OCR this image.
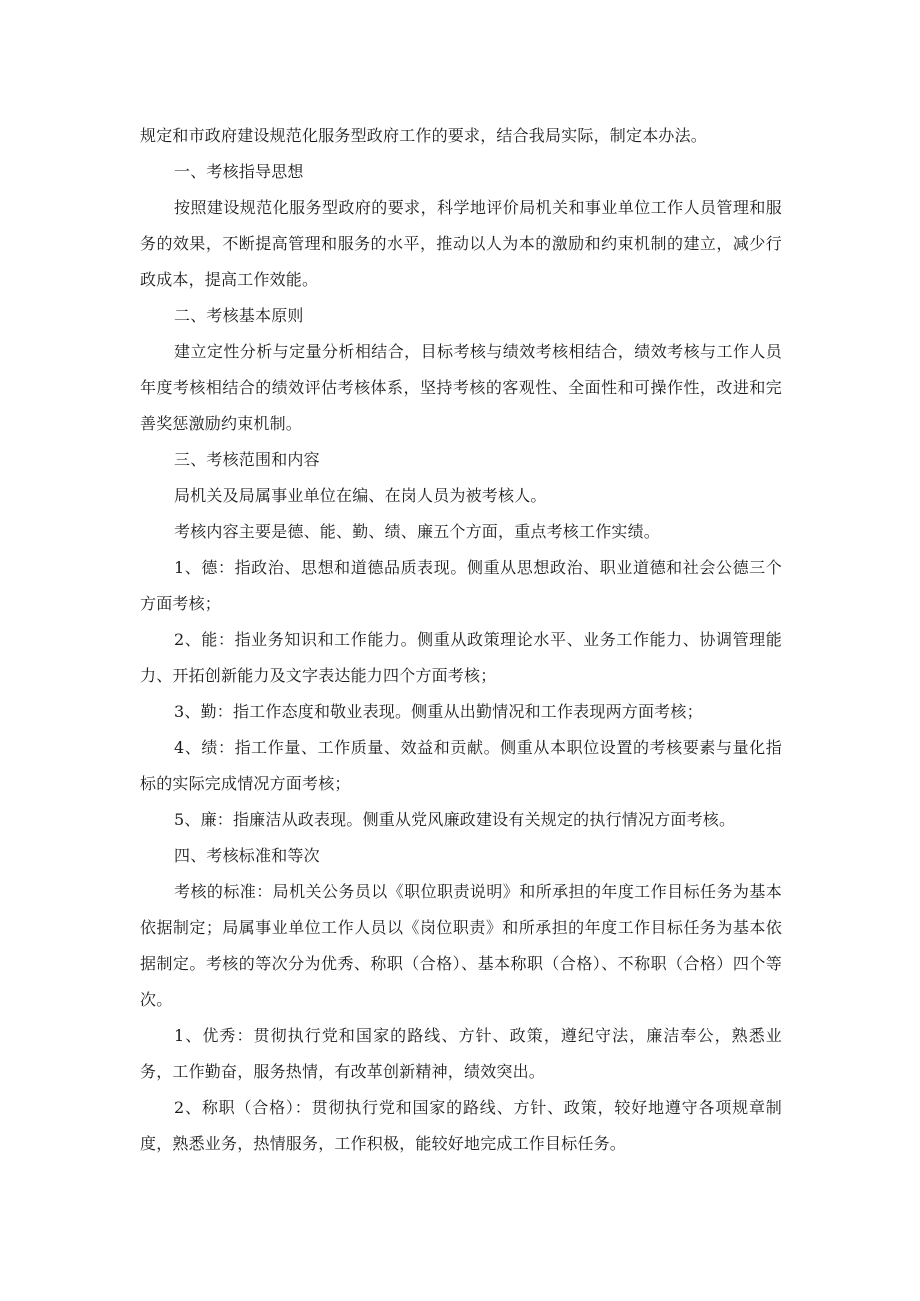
规定和市政府建设规范化服务型政府工作的要求，结合我局实际，制定本办法。

一、考核指导思想

按照建设规范化服务型政府的要求，科学地评价局机关和事业单位工作人员管理和服务的效果，不断提高管理和服务的水平，推动以人为本的激励和约束机制的建立，减少行政成本，提高工作效能。

二、考核基本原则

建立定性分析与定量分析相结合，目标考核与绩效考核相结合，绩效考核与工作人员年度考核相结合的绩效评估考核体系，坚持考核的客观性、全面性和可操作性，改进和完善奖惩激励约束机制。

三、考核范围和内容

局机关及局属事业单位在编、在岗人员为被考核人。

考核内容主要是德、能、勤、绩、廉五个方面，重点考核工作实绩。

1、德：指政治、思想和道德品质表现。侧重从思想政治、职业道德和社会公德三个方面考核；

2、能：指业务知识和工作能力。侧重从政策理论水平、业务工作能力、协调管理能力、开拓创新能力及文字表达能力四个方面考核；

3、勤：指工作态度和敬业表现。侧重从出勤情况和工作表现两方面考核；

4、绩：指工作量、工作质量、效益和贡献。侧重从本职位设置的考核要素与量化指标的实际完成情况方面考核；

5、廉：指廉洁从政表现。侧重从党风廉政建设有关规定的执行情况方面考核。

四、考核标准和等次

考核的标准：局机关公务员以《职位职责说明》和所承担的年度工作目标任务为基本依据制定；局属事业单位工作人员以《岗位职责》和所承担的年度工作目标任务为基本依据制定。考核的等次分为优秀、称职（合格）、基本称职（合格）、不称职（合格）四个等次。

1、优秀：贯彻执行党和国家的路线、方针、政策，遵纪守法，廉洁奉公，熟悉业务，工作勤奋，服务热情，有改革创新精神，绩效突出。

2、称职（合格）：贯彻执行党和国家的路线、方针、政策，较好地遵守各项规章制度，熟悉业务，热情服务，工作积极，能较好地完成工作目标任务。
